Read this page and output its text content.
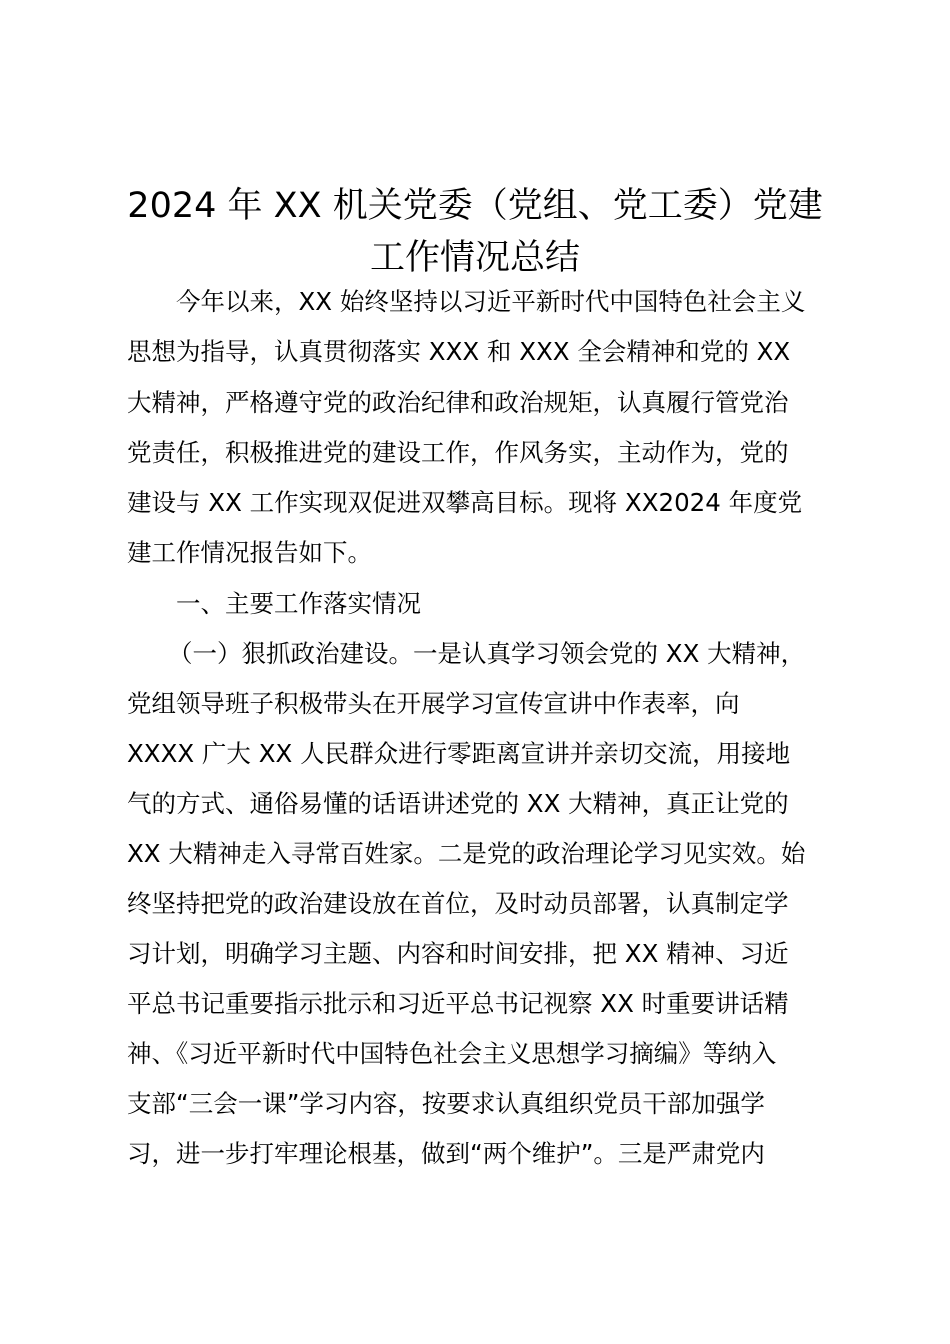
2024 年 XX 机关党委（党组、党工委）党建
工作情况总结

今年以来，XX 始终坚持以习近平新时代中国特色社会主义

思想为指导，认真贯彻落实 XXX 和 XXX 全会精神和党的 XX

大精神，严格遵守党的政治纪律和政治规矩，认真履行管党治

党责任，积极推进党的建设工作，作风务实，主动作为，党的

建设与 XX 工作实现双促进双攀高目标。现将 XX2024 年度党

建工作情况报告如下。

一、主要工作落实情况

（一）狠抓政治建设。一是认真学习领会党的 XX 大精神，

党组领导班子积极带头在开展学习宣传宣讲中作表率，向

XXXX 广大 XX 人民群众进行零距离宣讲并亲切交流，用接地

气的方式、通俗易懂的话语讲述党的 XX 大精神，真正让党的

XX 大精神走入寻常百姓家。二是党的政治理论学习见实效。始

终坚持把党的政治建设放在首位，及时动员部署，认真制定学

习计划，明确学习主题、内容和时间安排，把 XX 精神、习近

平总书记重要指示批示和习近平总书记视察 XX 时重要讲话精

神、《习近平新时代中国特色社会主义思想学习摘编》等纳入

支部“三会一课”学习内容，按要求认真组织党员干部加强学

习，进一步打牢理论根基，做到“两个维护”。三是严肃党内
